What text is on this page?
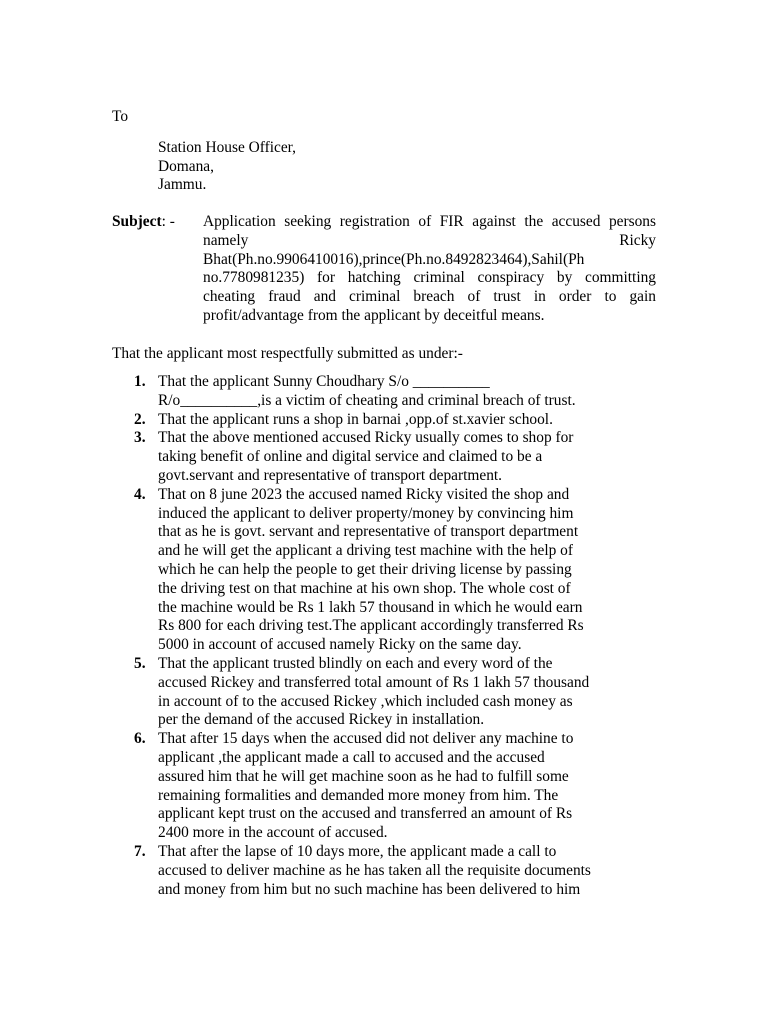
To
Station House Officer,
Domana,
Jammu.
Subject: - Application seeking registration of FIR against the accused persons namely Ricky Bhat(Ph.no.9906410016),prince(Ph.no.8492823464),Sahil(Ph no.7780981235) for hatching criminal conspiracy by committing cheating fraud and criminal breach of trust in order to gain profit/advantage from the applicant by deceitful means.
That the applicant most respectfully submitted as under:-
1. That the applicant Sunny Choudhary S/o __________
R/o__________,is a victim of cheating and criminal breach of trust.
2. That the applicant runs a shop in barnai ,opp.of st.xavier school.
3. That the above mentioned accused Ricky usually comes to shop for
taking benefit of online and digital service and claimed to be a
govt.servant and representative of transport department.
4. That on 8 june 2023 the accused named Ricky visited the shop and
induced the applicant to deliver property/money by convincing him
that as he is govt. servant and representative of transport department
and he will get the applicant a driving test machine with the help of
which he can help the people to get their driving license by passing
the driving test on that machine at his own shop. The whole cost of
the machine would be Rs 1 lakh 57 thousand in which he would earn
Rs 800 for each driving test.The applicant accordingly transferred Rs
5000 in account of accused namely Ricky on the same day.
5. That the applicant trusted blindly on each and every word of the
accused Rickey and transferred total amount of Rs 1 lakh 57 thousand
in account of to the accused Rickey ,which included cash money as
per the demand of the accused Rickey in installation.
6. That after 15 days when the accused did not deliver any machine to
applicant ,the applicant made a call to accused and the accused
assured him that he will get machine soon as he had to fulfill some
remaining formalities and demanded more money from him. The
applicant kept trust on the accused and transferred an amount of Rs
2400 more in the account of accused.
7. That after the lapse of 10 days more, the applicant made a call to
accused to deliver machine as he has taken all the requisite documents
and money from him but no such machine has been delivered to him
